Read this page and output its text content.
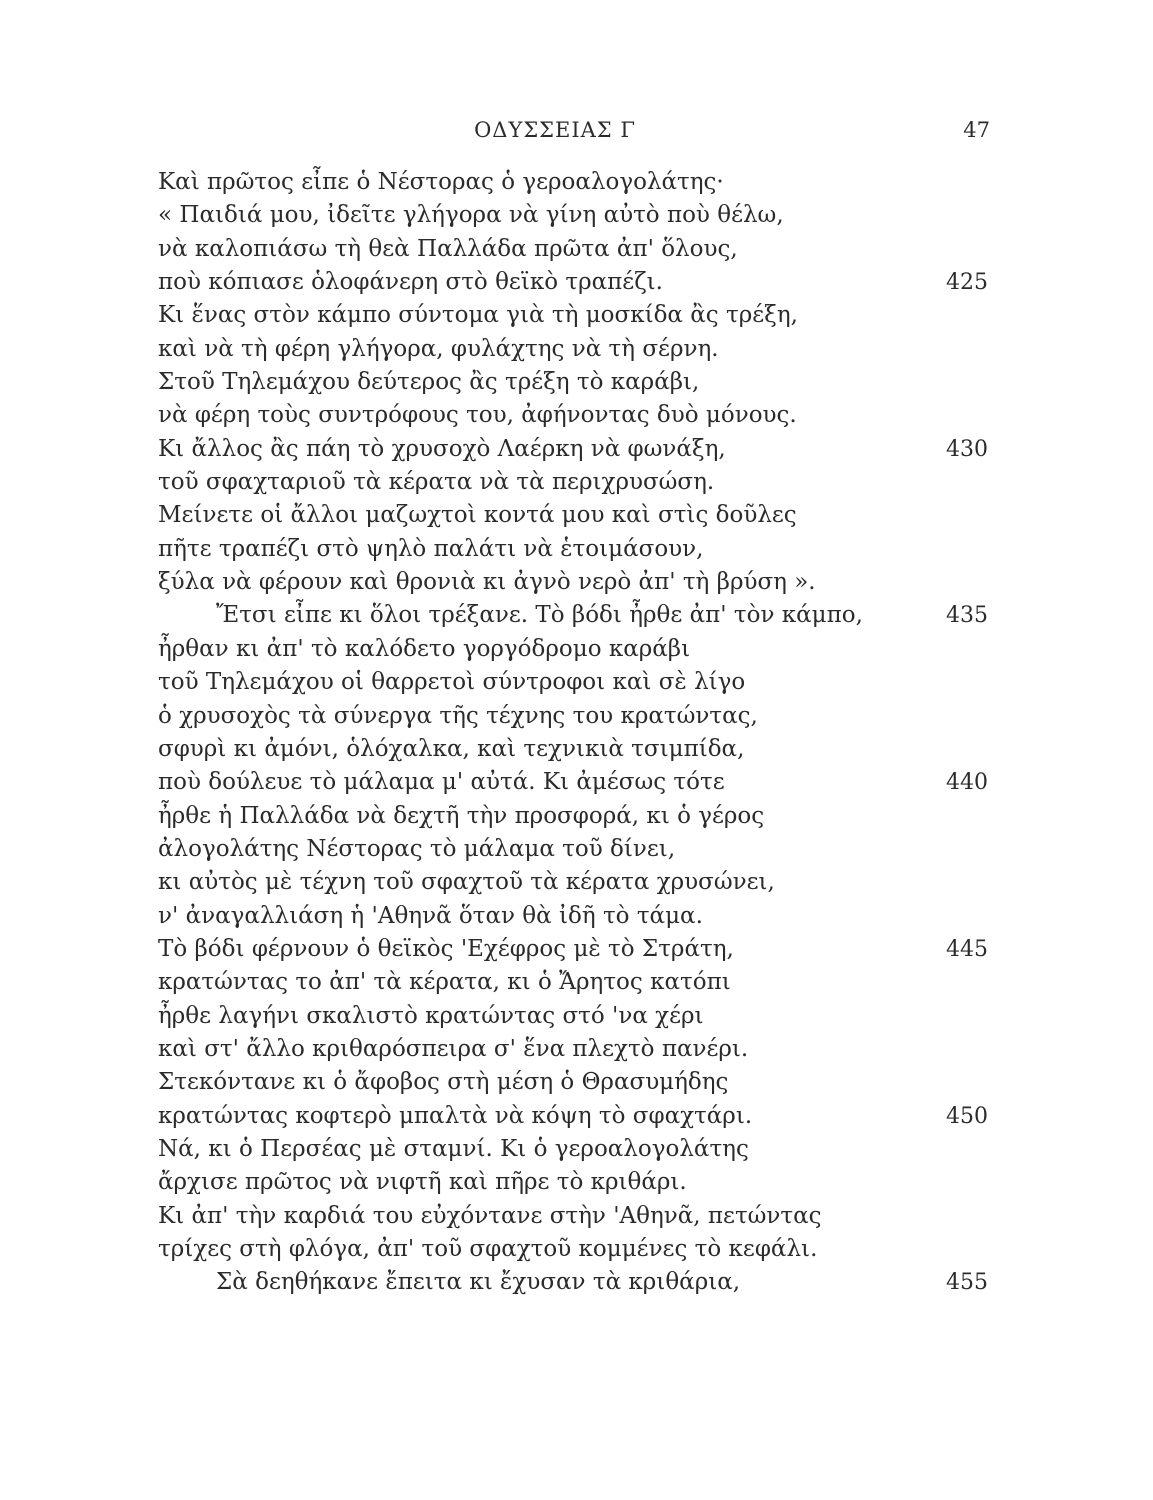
ΟΔΥΣΣΕΙΑΣ Γ	47
Καὶ πρῶτος εἶπε ὁ Νέστορας ὁ γεροαλογολάτης·
« Παιδιά μου, ἰδεῖτε γλήγορα νὰ γίνη αὐτὸ ποὺ θέλω,
νὰ καλοπιάσω τὴ θεὰ Παλλάδα πρῶτα ἀπ' ὅλους,
ποὺ κόπιασε ὁλοφάνερη στὸ θεϊκὸ τραπέζι.	425
Κι ἕνας στὸν κάμπο σύντομα γιὰ τὴ μοσκίδα ἂς τρέξη,
καὶ νὰ τὴ φέρη γλήγορα, φυλάχτης νὰ τὴ σέρνη.
Στοῦ Τηλεμάχου δεύτερος ἂς τρέξη τὸ καράβι,
νὰ φέρη τοὺς συντρόφους του, ἀφήνοντας δυὸ μόνους.
Κι ἄλλος ἂς πάη τὸ χρυσοχὸ Λαέρκη νὰ φωνάξη,	430
τοῦ σφαχταριοῦ τὰ κέρατα νὰ τὰ περιχρυσώση.
Μείνετε οἱ ἄλλοι μαζωχτοὶ κοντά μου καὶ στὶς δοῦλες
πῆτε τραπέζι στὸ ψηλὸ παλάτι νὰ ἑτοιμάσουν,
ξύλα νὰ φέρουν καὶ θρονιὰ κι ἀγνὸ νερὸ ἀπ' τὴ βρύση ».
Ἔτσι εἶπε κι ὅλοι τρέξανε. Τὸ βόδι ἦρθε ἀπ' τὸν κάμπο,	435
ἦρθαν κι ἀπ' τὸ καλόδετο γοργόδρομο καράβι
τοῦ Τηλεμάχου οἱ θαρρετοὶ σύντροφοι καὶ σὲ λίγο
ὁ χρυσοχὸς τὰ σύνεργα τῆς τέχνης του κρατώντας,
σφυρὶ κι ἀμόνι, ὁλόχαλκα, καὶ τεχνικιὰ τσιμπίδα,
ποὺ δούλευε τὸ μάλαμα μ' αὐτά. Κι ἀμέσως τότε	440
ἦρθε ἡ Παλλάδα νὰ δεχτῆ τὴν προσφορά, κι ὁ γέρος
ἀλογολάτης Νέστορας τὸ μάλαμα τοῦ δίνει,
κι αὐτὸς μὲ τέχνη τοῦ σφαχτοῦ τὰ κέρατα χρυσώνει,
ν' ἀναγαλλιάση ἡ 'Αθηνᾶ ὅταν θὰ ἰδῆ τὸ τάμα.
Τὸ βόδι φέρνουν ὁ θεϊκὸς 'Εχέφρος μὲ τὸ Στράτη,	445
κρατώντας το ἀπ' τὰ κέρατα, κι ὁ Ἄρητος κατόπι
ἦρθε λαγήνι σκαλιστὸ κρατώντας στό 'να χέρι
καὶ στ' ἄλλο κριθαρόσπειρα σ' ἕνα πλεχτὸ πανέρι.
Στεκόντανε κι ὁ ἄφοβος στὴ μέση ὁ Θρασυμήδης
κρατώντας κοφτερὸ μπαλτὰ νὰ κόψη τὸ σφαχτάρι.	450
Νά, κι ὁ Περσέας μὲ σταμνί. Κι ὁ γεροαλογολάτης
ἄρχισε πρῶτος νὰ νιφτῆ καὶ πῆρε τὸ κριθάρι.
Κι ἀπ' τὴν καρδιά του εὐχόντανε στὴν 'Αθηνᾶ, πετώντας
τρίχες στὴ φλόγα, ἀπ' τοῦ σφαχτοῦ κομμένες τὸ κεφάλι.
Σὰ δεηθήκανε ἔπειτα κι ἔχυσαν τὰ κριθάρια,	455
